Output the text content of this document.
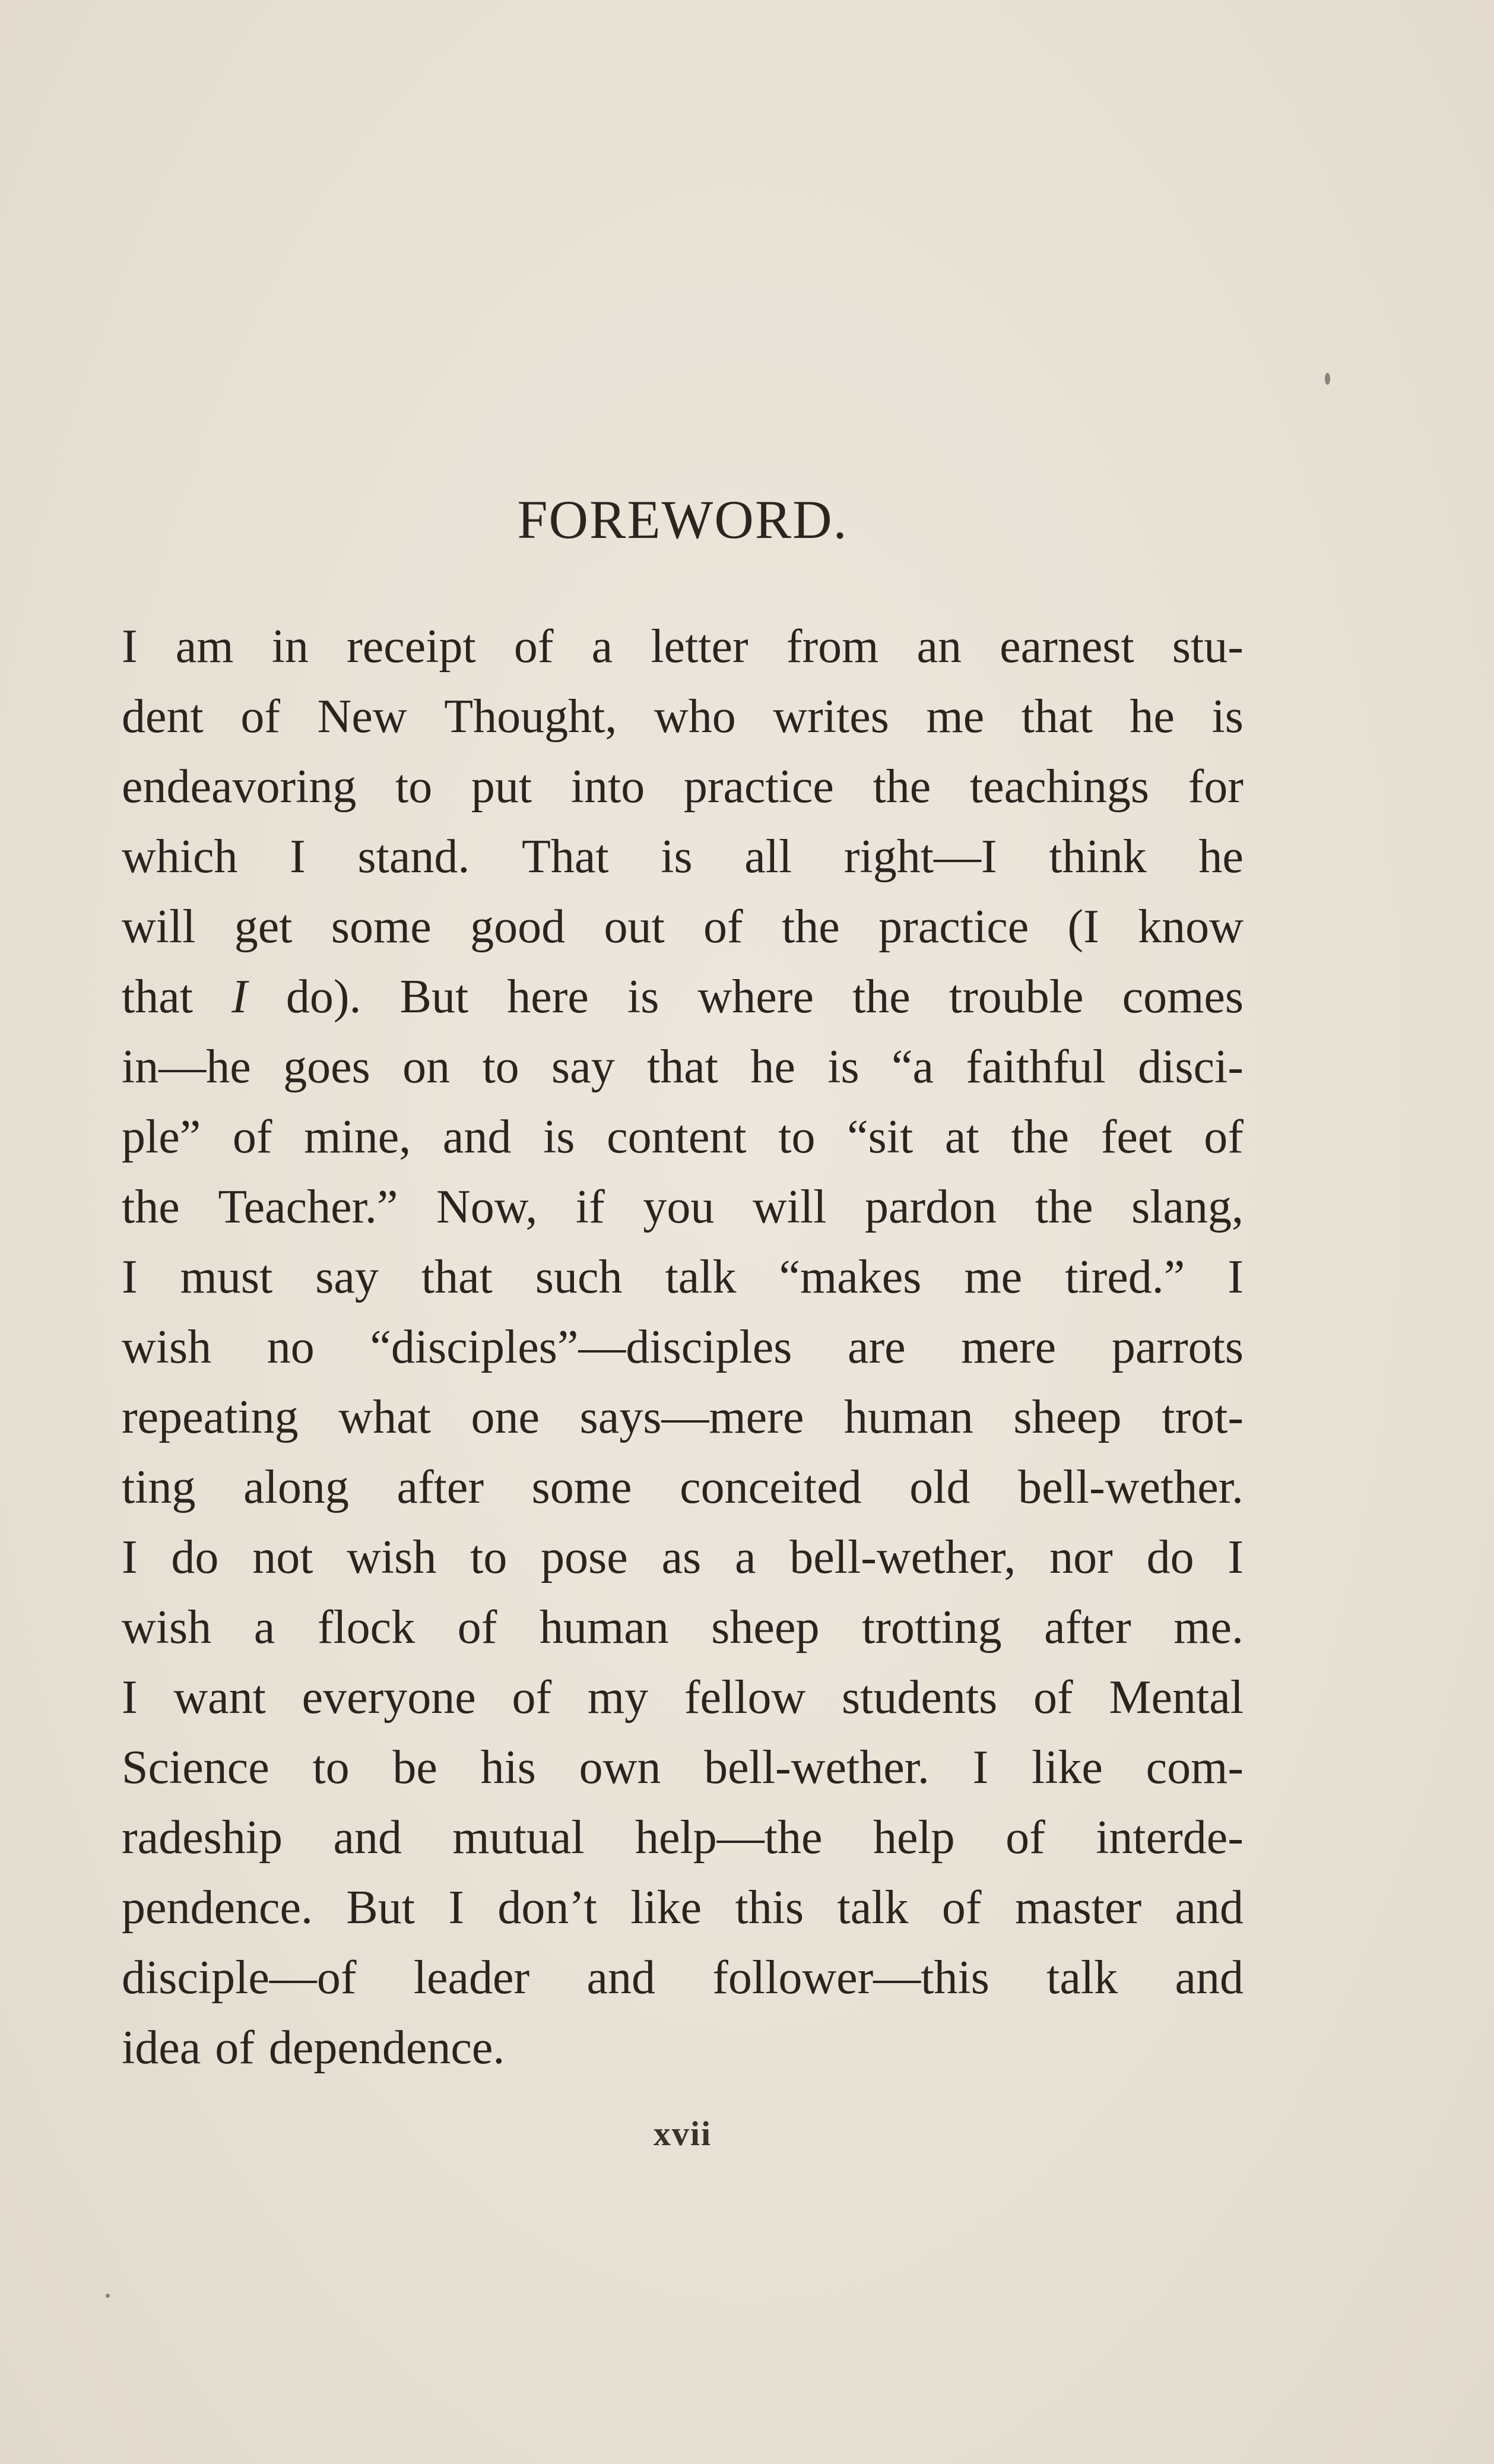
FOREWORD.
I am in receipt of a letter from an earnest stu-
dent of New Thought, who writes me that he is
endeavoring to put into practice the teachings for
which I stand. That is all right—I think he
will get some good out of the practice (I know
that I do). But here is where the trouble comes
in—he goes on to say that he is “a faithful disci-
ple” of mine, and is content to “sit at the feet of
the Teacher.” Now, if you will pardon the slang,
I must say that such talk “makes me tired.” I
wish no “disciples”—disciples are mere parrots
repeating what one says—mere human sheep trot-
ting along after some conceited old bell-wether.
I do not wish to pose as a bell-wether, nor do I
wish a flock of human sheep trotting after me.
I want everyone of my fellow students of Mental
Science to be his own bell-wether. I like com-
radeship and mutual help—the help of interde-
pendence. But I don’t like this talk of master and
disciple—of leader and follower—this talk and
idea of dependence.
xvii
